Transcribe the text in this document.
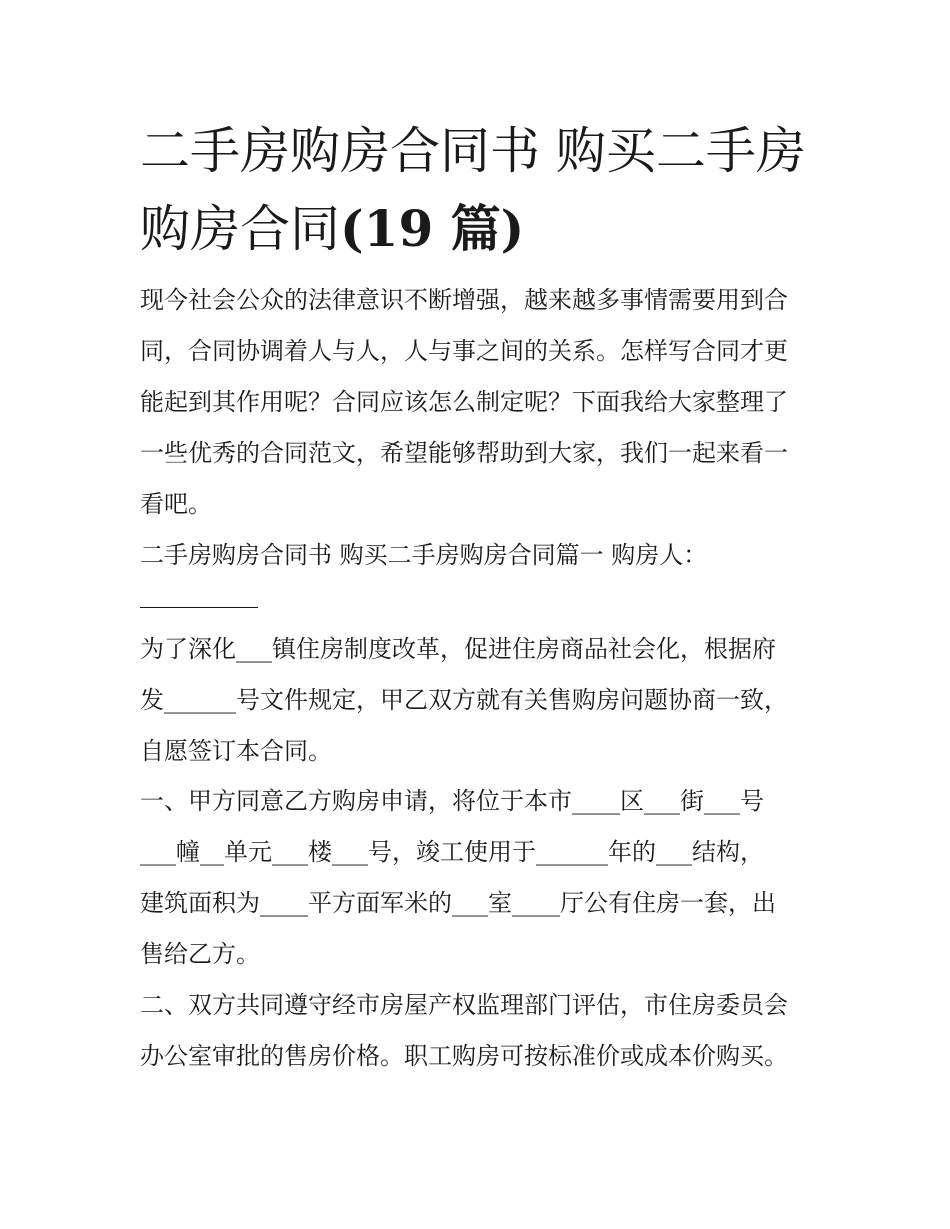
二手房购房合同书 购买二手房
购房合同(19 篇)

现今社会公众的法律意识不断增强，越来越多事情需要用到合
同，合同协调着人与人，人与事之间的关系。怎样写合同才更
能起到其作用呢？合同应该怎么制定呢？下面我给大家整理了
一些优秀的合同范文，希望能够帮助到大家，我们一起来看一
看吧。

二手房购房合同书 购买二手房购房合同篇一 购房人：

为了深化___镇住房制度改革，促进住房商品社会化，根据府
发______号文件规定，甲乙双方就有关售购房问题协商一致，
自愿签订本合同。

一、甲方同意乙方购房申请，将位于本市____区___街___号
___幢__单元___楼___号，竣工使用于______年的___结构，
建筑面积为____平方面军米的___室____厅公有住房一套，出
售给乙方。

二、双方共同遵守经市房屋产权监理部门评估，市住房委员会
办公室审批的售房价格。职工购房可按标准价或成本价购买。
